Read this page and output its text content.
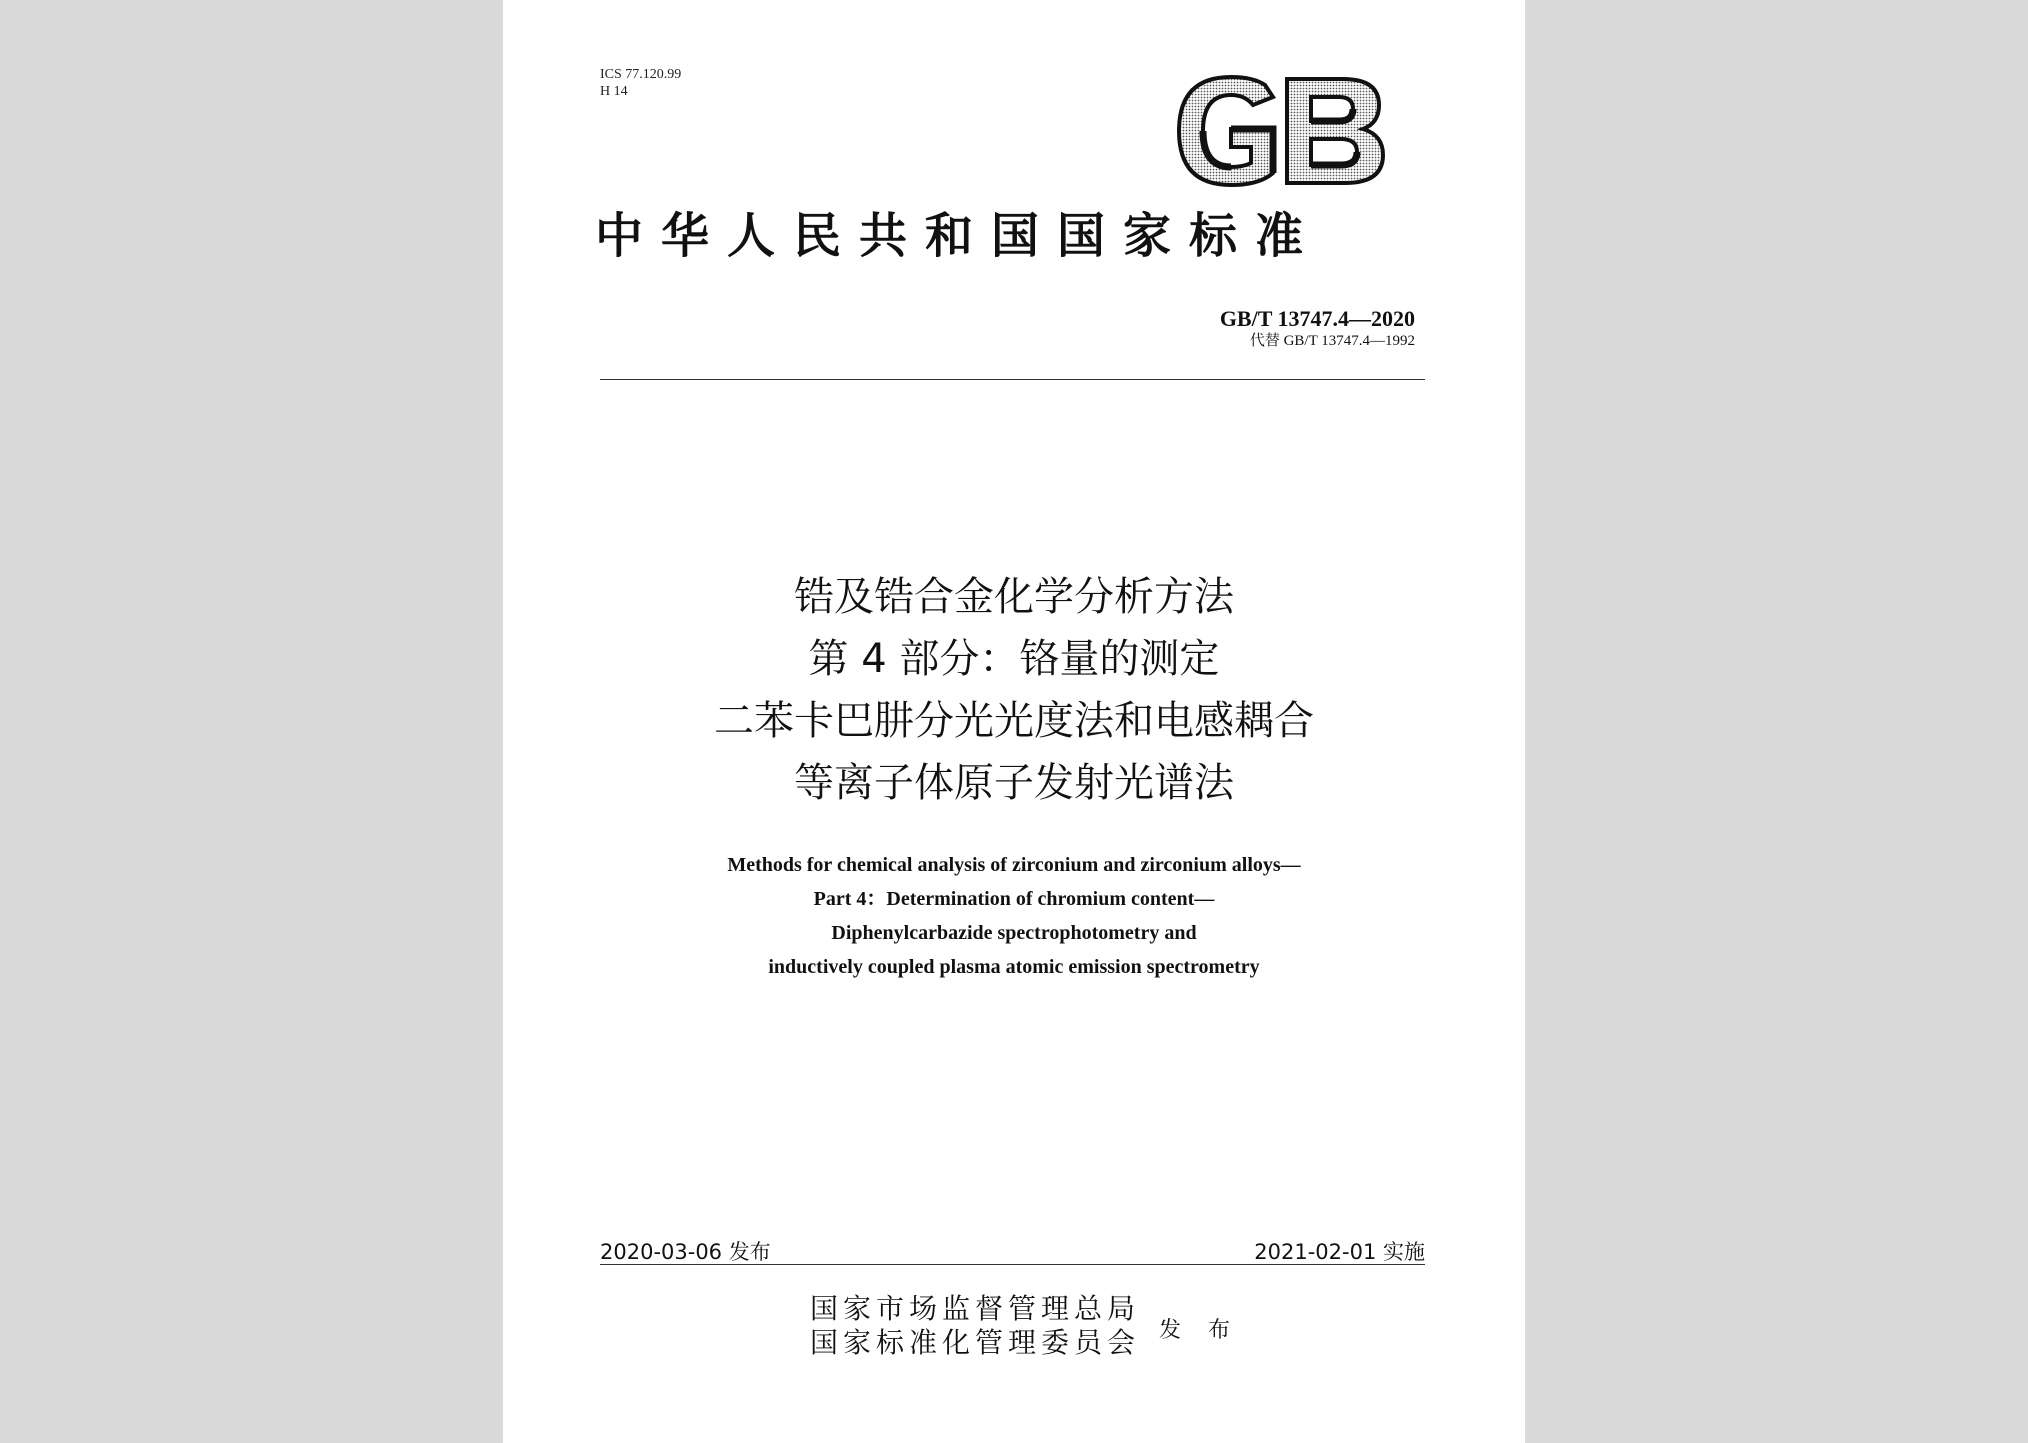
ICS 77.120.99
H 14
中华人民共和国国家标准
GB/T 13747.4—2020
代替 GB/T 13747.4—1992
锆及锆合金化学分析方法
第 4 部分：铬量的测定
二苯卡巴肼分光光度法和电感耦合
等离子体原子发射光谱法
Methods for chemical analysis of zirconium and zirconium alloys—
Part 4：Determination of chromium content—
Diphenylcarbazide spectrophotometry and
inductively coupled plasma atomic emission spectrometry
2020-03-06 发布	2021-02-01 实施
国家市场监督管理总局
国家标准化管理委员会 发 布
